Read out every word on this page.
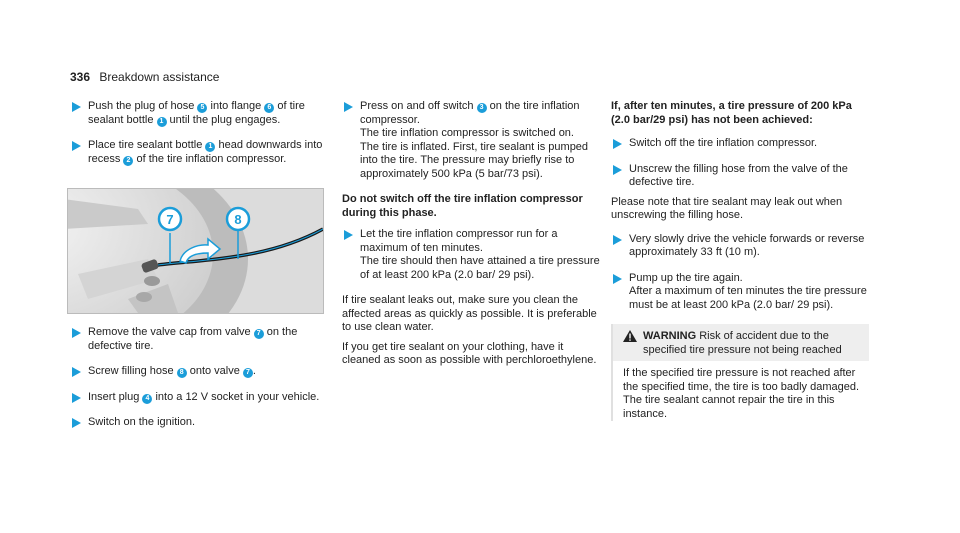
336 Breakdown assistance

Push the plug of hose 5 into flange 6 of tire sealant bottle 1 until the plug engages.

Place tire sealant bottle 1 head downwards into recess 2 of the tire inflation compressor.

7	8

Remove the valve cap from valve 7 on the defective tire.

Screw filling hose 8 onto valve 7 .

Insert plug 4 into a 12 V socket in your vehicle.

Switch on the ignition.

Press on and off switch 3 on the tire inflation compressor.

The tire inflation compressor is switched on.

The tire is inflated. First, tire sealant is pumped into the tire. The pressure may briefly rise to approximately 500 kPa (5 bar/73 psi).

Do not switch off the tire inflation compressor during this phase.

Let the tire inflation compressor run for a maximum of ten minutes.

The tire should then have attained a tire pressure of at least 200 kPa (2.0 bar/ 29 psi).

If tire sealant leaks out, make sure you clean the affected areas as quickly as possible. It is preferable to use clean water.

If you get tire sealant on your clothing, have it cleaned as soon as possible with perchloroethylene.

If, after ten minutes, a tire pressure of 200 kPa (2.0 bar/29 psi) has not been achieved:

Switch off the tire inflation compressor.

Unscrew the filling hose from the valve of the defective tire.

Please note that tire sealant may leak out when unscrewing the filling hose.

Very slowly drive the vehicle forwards or reverse approximately 33 ft (10 m).

Pump up the tire again.

After a maximum of ten minutes the tire pressure must be at least 200 kPa (2.0 bar/ 29 psi).

WARNING Risk of accident due to the specified tire pressure not being reached

If the specified tire pressure is not reached after the specified time, the tire is too badly damaged. The tire sealant cannot repair the tire in this instance.
